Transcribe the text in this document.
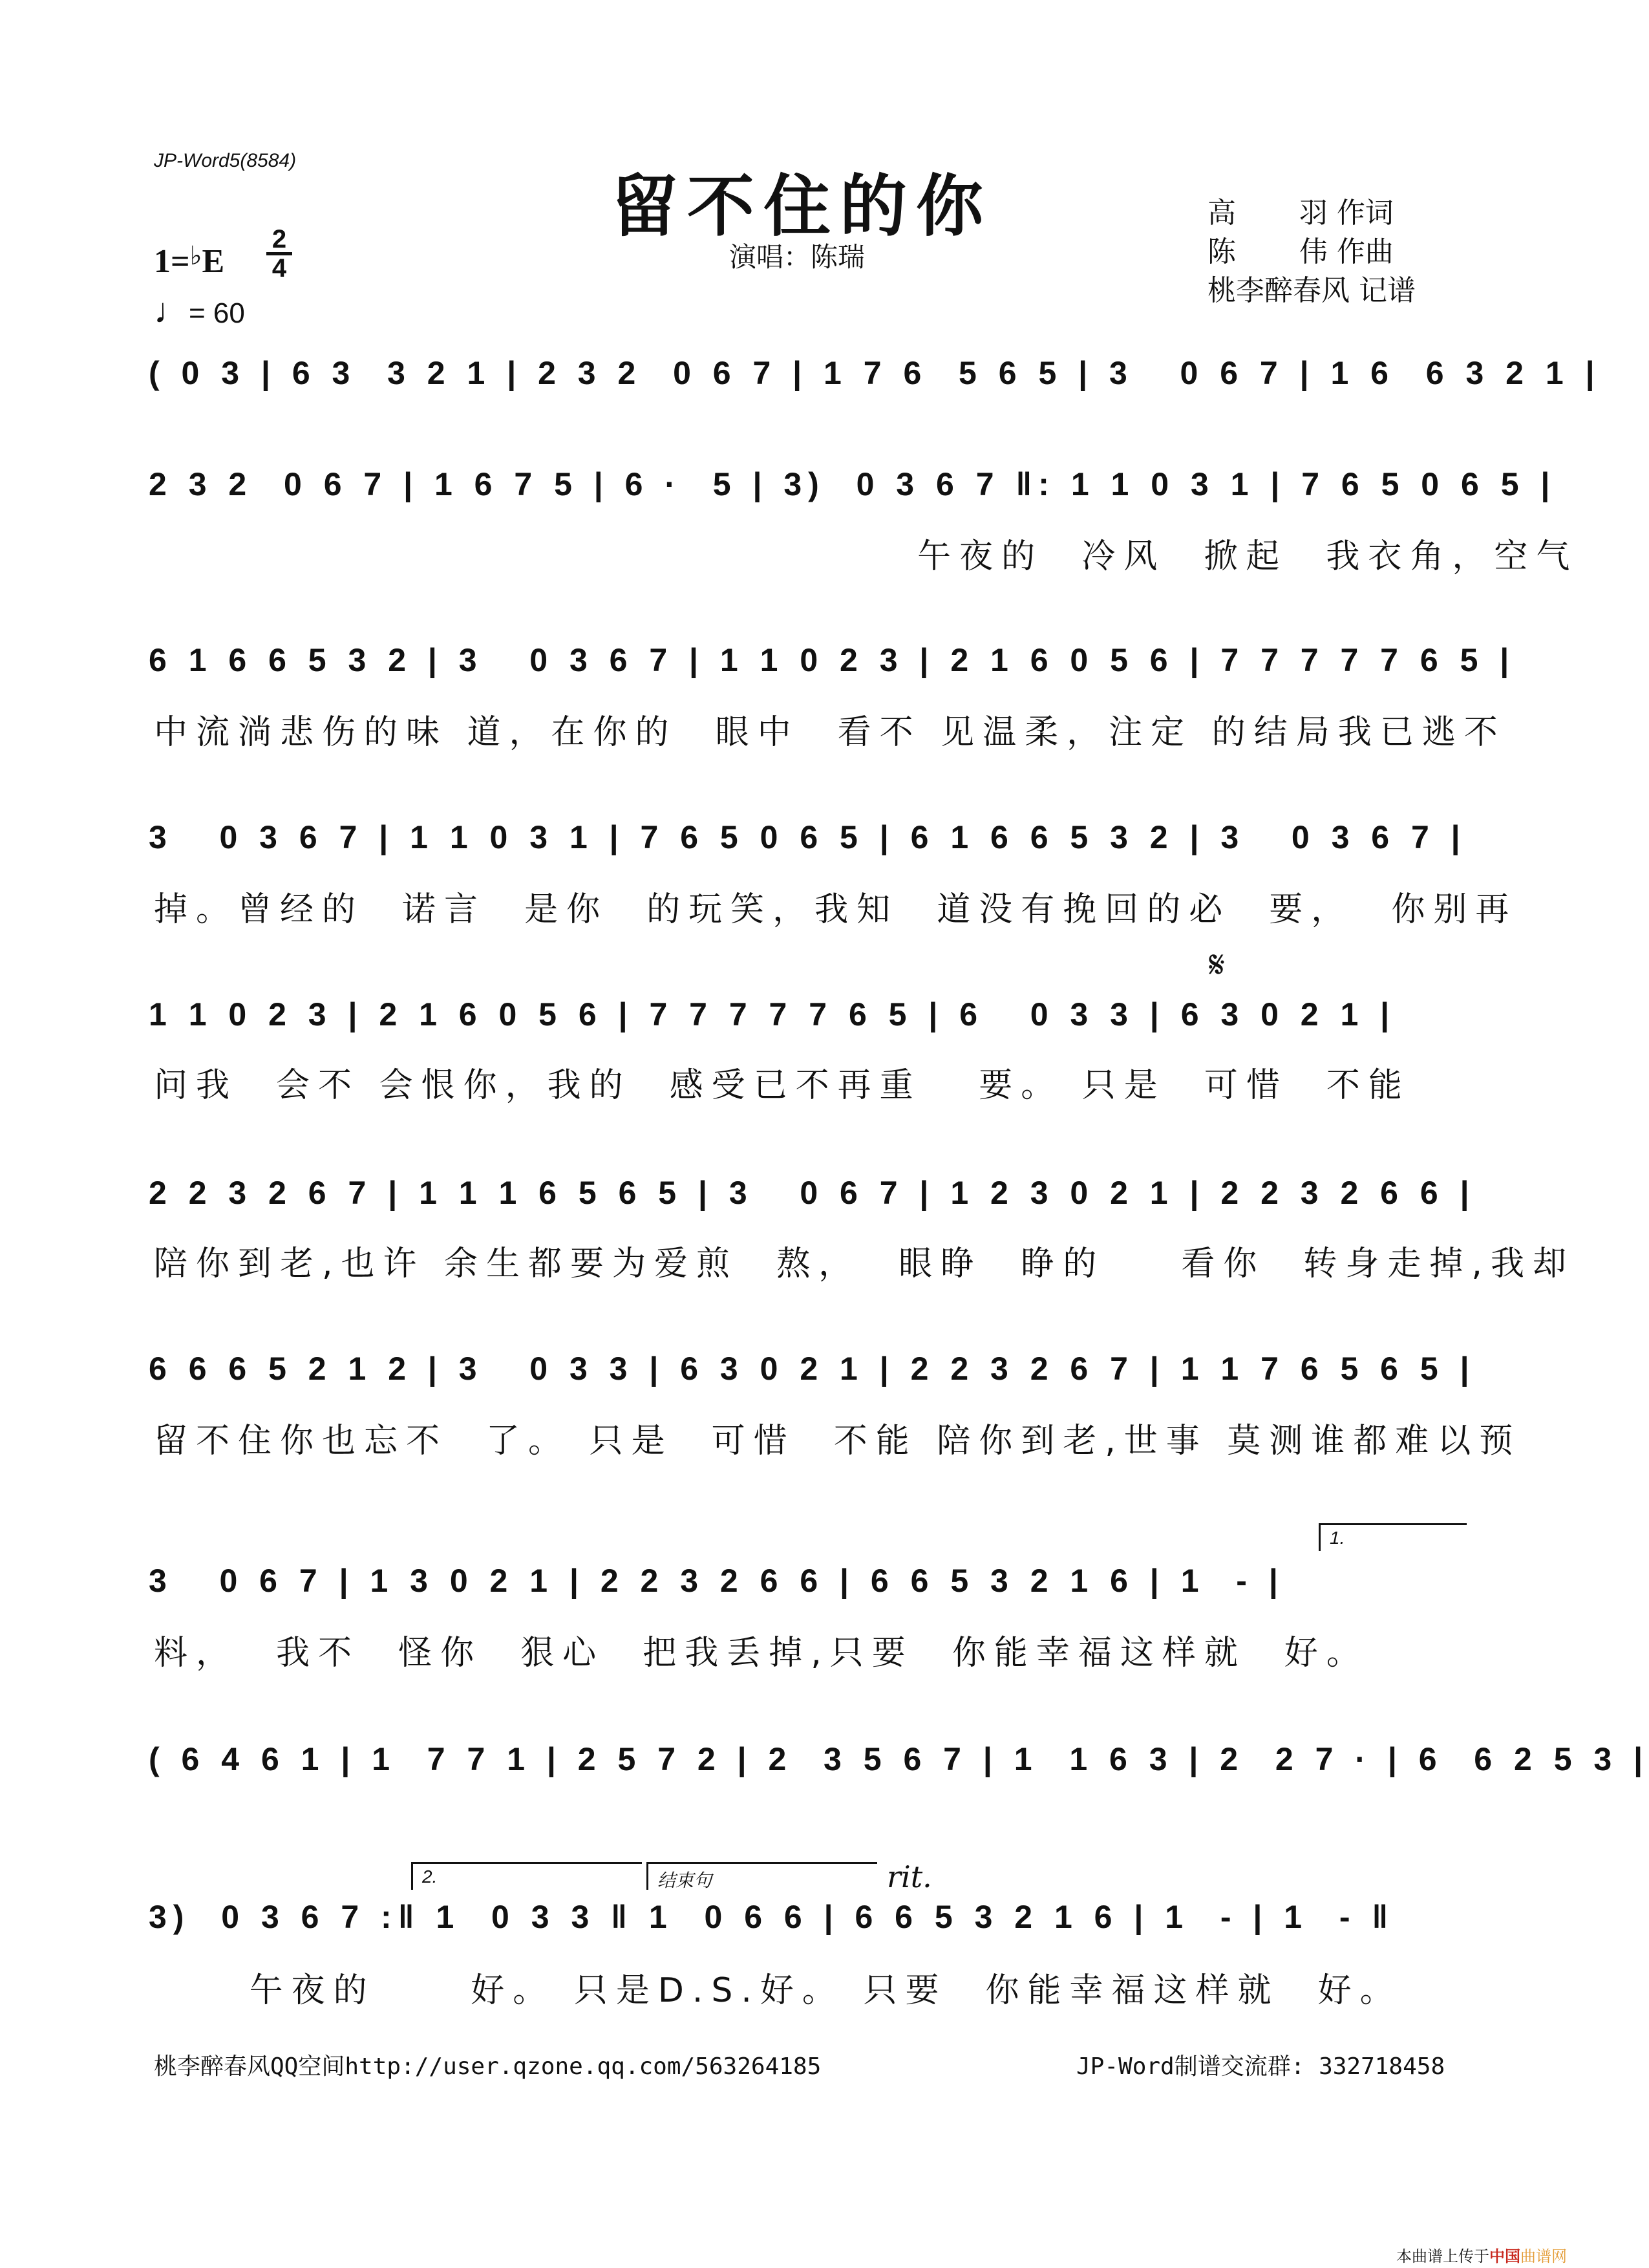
JP-Word5(8584)
留不住的你
演唱：陈瑞
高       羽 作词
陈       伟 作曲
桃李醉春风 记谱
1=♭E
2
4
♩= 60
( 0 3 | 6 3  3 2 1 | 2 3 2  0 6 7 | 1 7 6  5 6 5 | 3   0 6 7 | 1 6  6 3 2 1 |
2 3 2  0 6 7 | 1 6 7 5 | 6 ·  5 | 3)  0 3 6 7 ‖: 1 1 0 3 1 | 7 6 5 0 6 5 |
午夜的  冷风  掀起  我衣角，空气
6 1 6 6 5 3 2 | 3   0 3 6 7 | 1 1 0 2 3 | 2 1 6 0 5 6 | 7 7 7 7 7 6 5 |
中流淌悲伤的味 道，在你的  眼中  看不 见温柔，注定 的结局我已逃不
3   0 3 6 7 | 1 1 0 3 1 | 7 6 5 0 6 5 | 6 1 6 6 5 3 2 | 3   0 3 6 7 |
掉。曾经的  诺言  是你  的玩笑，我知  道没有挽回的必  要，  你别再
𝄋
1 1 0 2 3 | 2 1 6 0 5 6 | 7 7 7 7 7 6 5 | 6   0 3 3 | 6 3 0 2 1 |
问我  会不 会恨你，我的  感受已不再重   要。 只是  可惜  不能
2 2 3 2 6 7 | 1 1 1 6 5 6 5 | 3   0 6 7 | 1 2 3 0 2 1 | 2 2 3 2 6 6 |
陪你到老,也许 余生都要为爱煎  熬，  眼睁  睁的    看你  转身走掉,我却
6 6 6 5 2 1 2 | 3   0 3 3 | 6 3 0 2 1 | 2 2 3 2 6 7 | 1 1 7 6 5 6 5 |
留不住你也忘不  了。 只是  可惜  不能 陪你到老,世事 莫测谁都难以预
1.
3   0 6 7 | 1 3 0 2 1 | 2 2 3 2 6 6 | 6 6 5 3 2 1 6 | 1  - |
料，  我不  怪你  狠心  把我丢掉,只要  你能幸福这样就  好。
( 6 4 6 1 | 1  7 7 1 | 2 5 7 2 | 2  3 5 6 7 | 1  1 6 3 | 2  2 7 · | 6  6 2 5 3 |
2.	结束句	rit.
3)  0 3 6 7 :‖ 1  0 3 3 ‖ 1  0 6 6 | 6 6 5 3 2 1 6 | 1  - | 1  - ‖
午夜的     好。 只是D.S.好。 只要  你能幸福这样就  好。
桃李醉春风QQ空间http://user.qzone.qq.com/563264185	JP-Word制谱交流群: 332718458
本曲谱上传于中国曲谱网
